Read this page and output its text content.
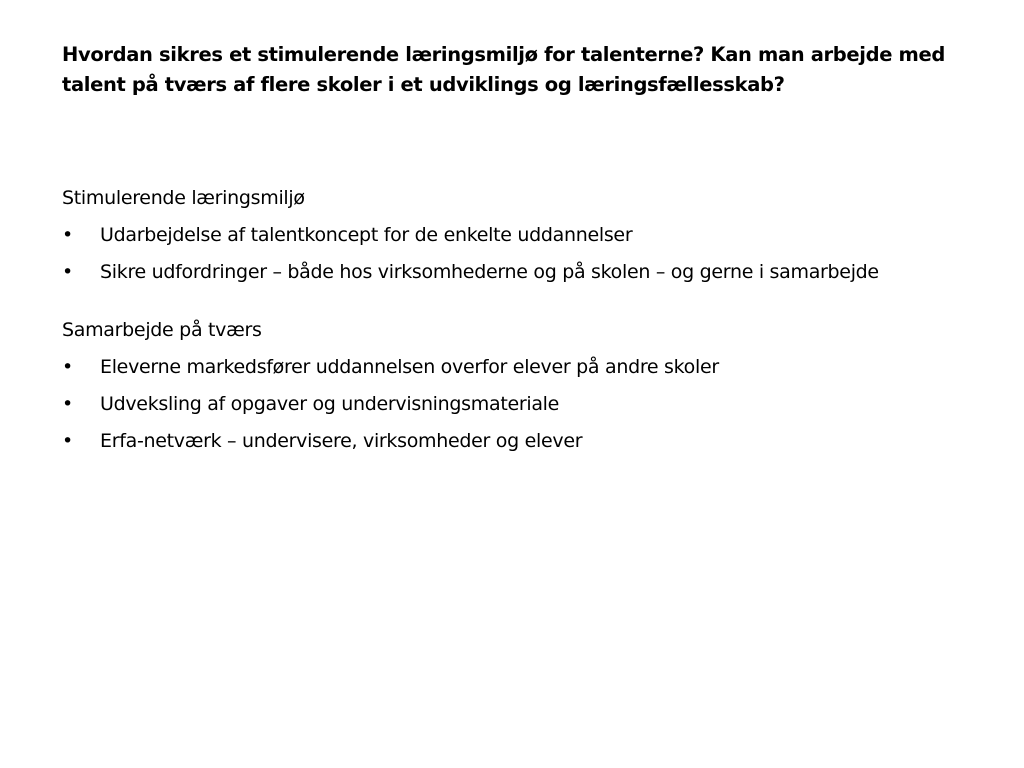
Hvordan sikres et stimulerende læringsmiljø for talenterne? Kan man arbejde med talent på tværs af flere skoler i et udviklings og læringsfællesskab?

Stimulerende læringsmiljø

•	Udarbejdelse af talentkoncept for de enkelte uddannelser
•	Sikre udfordringer – både hos virksomhederne og på skolen – og gerne i samarbejde

Samarbejde på tværs

•	Eleverne markedsfører uddannelsen overfor elever på andre skoler
•	Udveksling af opgaver og undervisningsmateriale
•	Erfa-netværk – undervisere, virksomheder og elever
